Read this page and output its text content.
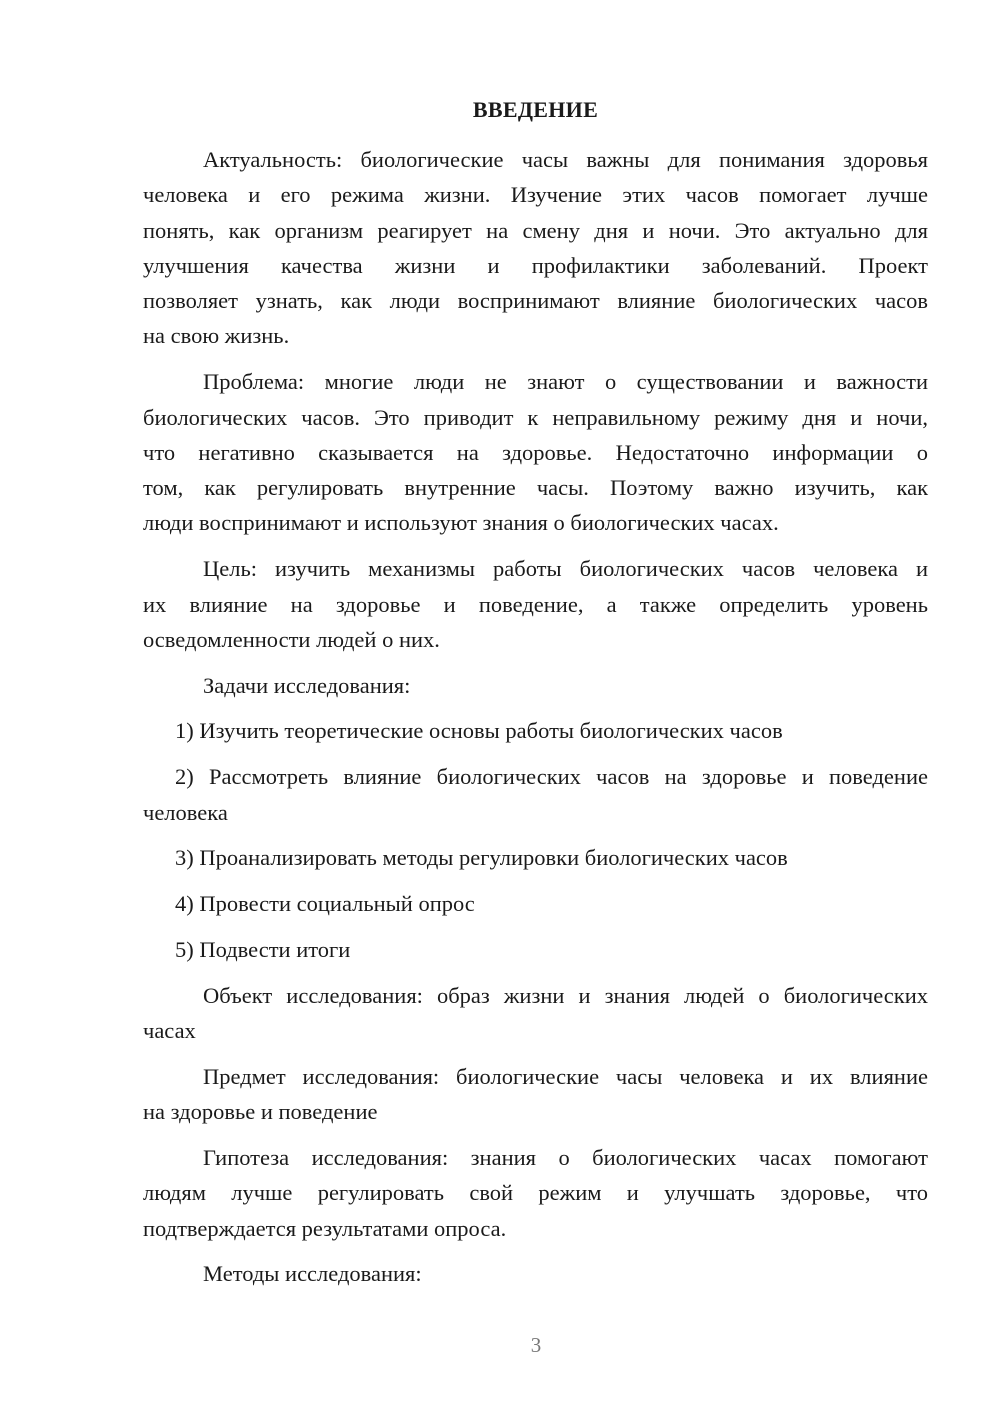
ВВЕДЕНИЕ
Актуальность: биологические часы важны для понимания здоровья
человека и его режима жизни. Изучение этих часов помогает лучше
понять, как организм реагирует на смену дня и ночи. Это актуально для
улучшения качества жизни и профилактики заболеваний. Проект
позволяет узнать, как люди воспринимают влияние биологических часов
на свою жизнь.
Проблема: многие люди не знают о существовании и важности
биологических часов. Это приводит к неправильному режиму дня и ночи,
что негативно сказывается на здоровье. Недостаточно информации о
том, как регулировать внутренние часы. Поэтому важно изучить, как
люди воспринимают и используют знания о биологических часах.
Цель: изучить механизмы работы биологических часов человека и
их влияние на здоровье и поведение, а также определить уровень
осведомленности людей о них.
Задачи исследования:
1) Изучить теоретические основы работы биологических часов
2) Рассмотреть влияние биологических часов на здоровье и поведение
человека
3) Проанализировать методы регулировки биологических часов
4) Провести социальный опрос
5) Подвести итоги
Объект исследования: образ жизни и знания людей о биологических
часах
Предмет исследования: биологические часы человека и их влияние
на здоровье и поведение
Гипотеза исследования: знания о биологических часах помогают
людям лучше регулировать свой режим и улучшать здоровье, что
подтверждается результатами опроса.
Методы исследования:
3
